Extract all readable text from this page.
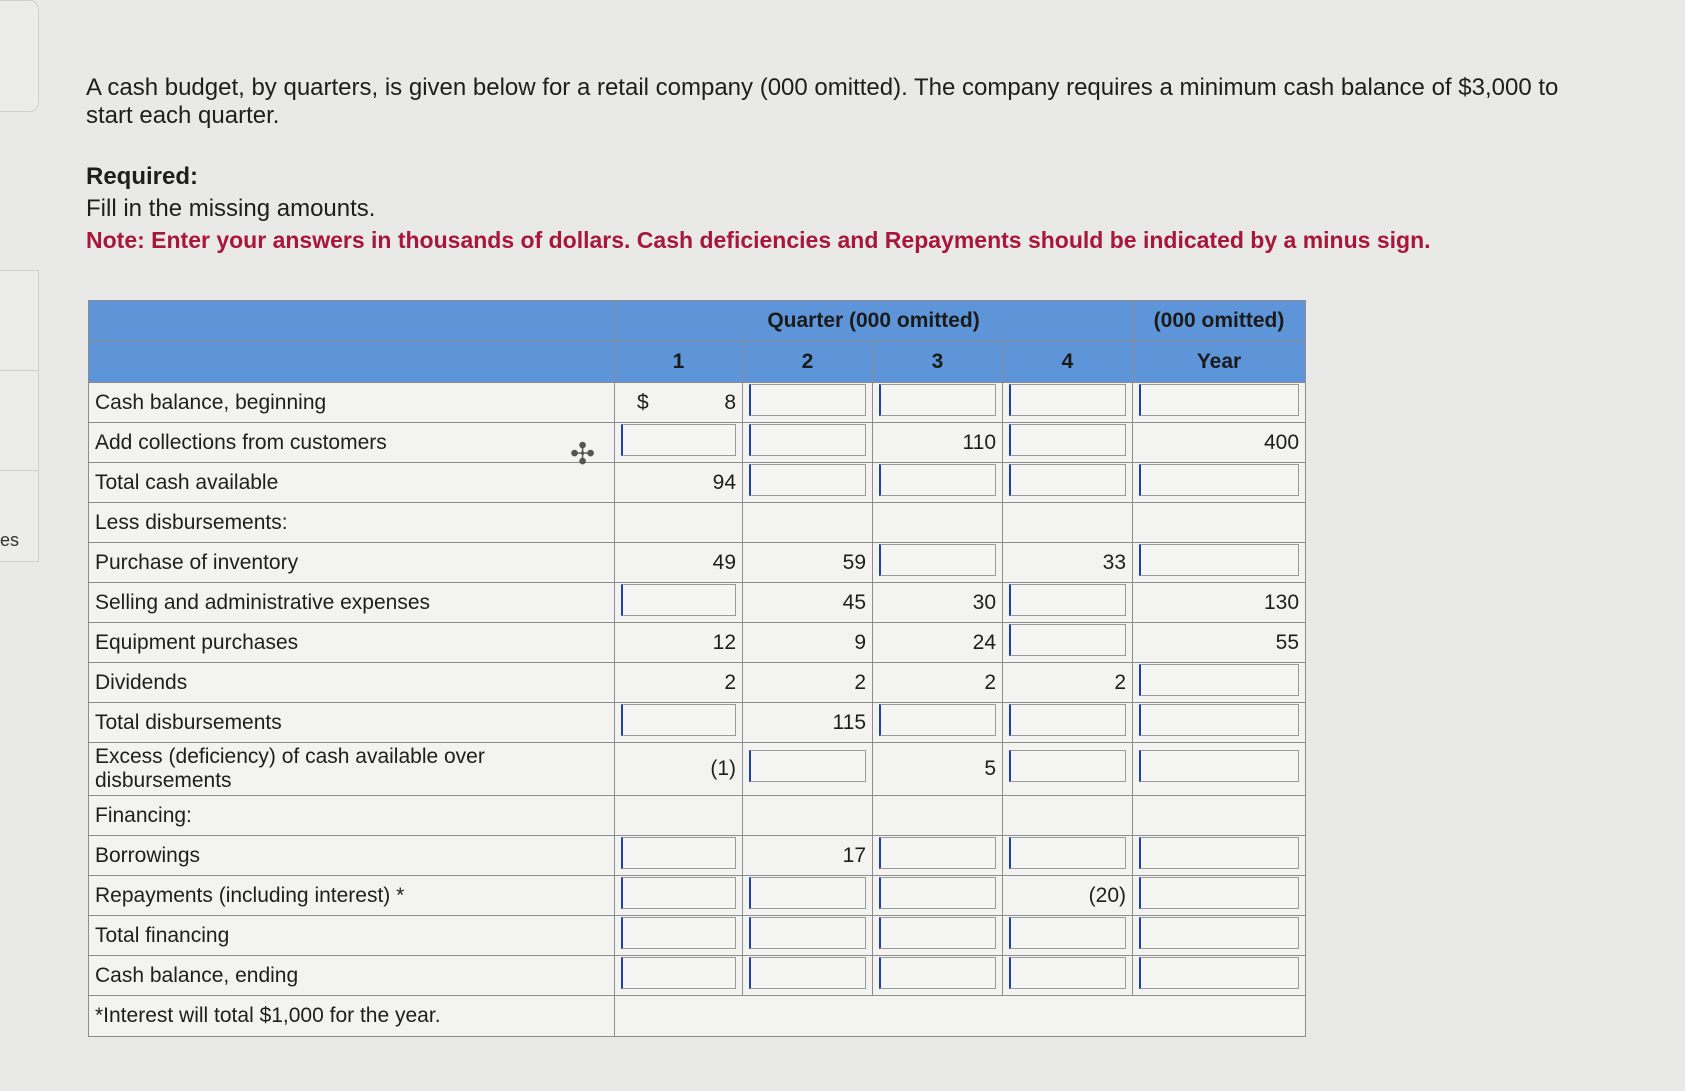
es

A cash budget, by quarters, is given below for a retail company (000 omitted). The company requires a minimum cash balance of $3,000 to start each quarter.

Required:
Fill in the missing amounts.
Note: Enter your answers in thousands of dollars. Cash deficiencies and Repayments should be indicated by a minus sign.
	Quarter (000 omitted)				(000 omitted)
	1	2	3	4	Year
Cash balance, beginning	$ 8				
Add collections from customers			110		400
Total cash available	94				
Less disbursements:					
Purchase of inventory	49	59		33	
Selling and administrative expenses		45	30		130
Equipment purchases	12	9	24		55
Dividends	2	2	2	2	
Total disbursements		115			
Excess (deficiency) of cash available over disbursements	(1)		5		
Financing:					
Borrowings		17			
Repayments (including interest) *				(20)	
Total financing					
Cash balance, ending					
*Interest will total $1,000 for the year.					
✣
